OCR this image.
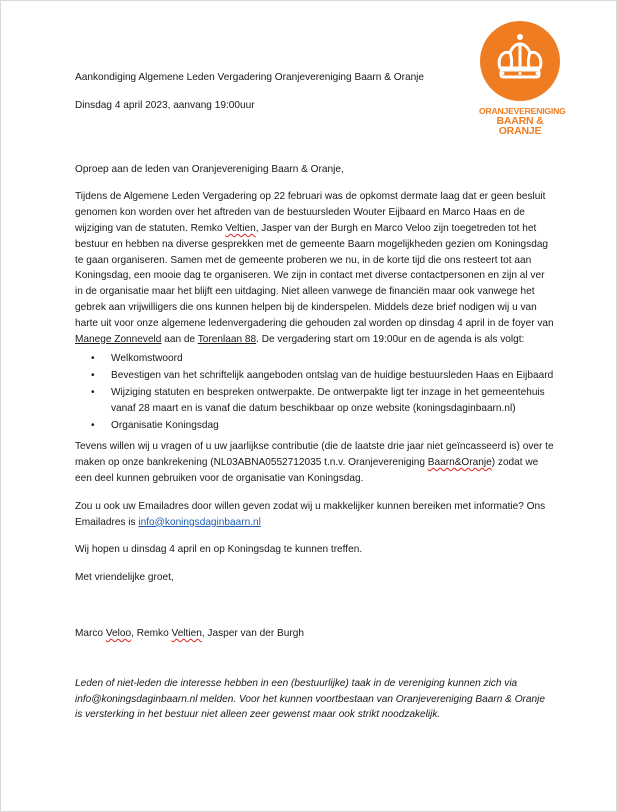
ORANJEVERENIGING
BAARN & ORANJE

Aankondiging Algemene Leden Vergadering Oranjevereniging Baarn & Oranje

Dinsdag 4 april 2023, aanvang 19:00uur

Oproep aan de leden van Oranjevereniging Baarn & Oranje,

Tijdens de Algemene Leden Vergadering op 22 februari was de opkomst dermate laag dat er geen besluit genomen kon worden over het aftreden van de bestuursleden Wouter Eijbaard en Marco Haas en de wijziging van de statuten. Remko Veltien, Jasper van der Burgh en Marco Veloo zijn toegetreden tot het bestuur en hebben na diverse gesprekken met de gemeente Baarn mogelijkheden gezien om Koningsdag te gaan organiseren. Samen met de gemeente proberen we nu, in de korte tijd die ons resteert tot aan Koningsdag, een mooie dag te organiseren. We zijn in contact met diverse contactpersonen en zijn al ver in de organisatie maar het blijft een uitdaging. Niet alleen vanwege de financiën maar ook vanwege het gebrek aan vrijwilligers die ons kunnen helpen bij de kinderspelen. Middels deze brief nodigen wij u van harte uit voor onze algemene ledenvergadering die gehouden zal worden op dinsdag 4 april in de foyer van Manege Zonneveld aan de Torenlaan 88. De vergadering start om 19:00ur en de agenda is als volgt:

• Welkomstwoord
• Bevestigen van het schriftelijk aangeboden ontslag van de huidige bestuursleden Haas en Eijbaard
• Wijziging statuten en bespreken ontwerpakte. De ontwerpakte ligt ter inzage in het gemeentehuis vanaf 28 maart en is vanaf die datum beschikbaar op onze website (koningsdaginbaarn.nl)
• Organisatie Koningsdag

Tevens willen wij u vragen of u uw jaarlijkse contributie (die de laatste drie jaar niet geïncasseerd is) over te maken op onze bankrekening (NL03ABNA0552712035 t.n.v. Oranjevereniging Baarn&Oranje) zodat we een deel kunnen gebruiken voor de organisatie van Koningsdag.

Zou u ook uw Emailadres door willen geven zodat wij u makkelijker kunnen bereiken met informatie? Ons Emailadres is info@koningsdaginbaarn.nl

Wij hopen u dinsdag 4 april en op Koningsdag te kunnen treffen.

Met vriendelijke groet,

Marco Veloo, Remko Veltien, Jasper van der Burgh

Leden of niet-leden die interesse hebben in een (bestuurlijke) taak in de vereniging kunnen zich via info@koningsdaginbaarn.nl melden. Voor het kunnen voortbestaan van Oranjevereniging Baarn & Oranje is versterking in het bestuur niet alleen zeer gewenst maar ook strikt noodzakelijk.
